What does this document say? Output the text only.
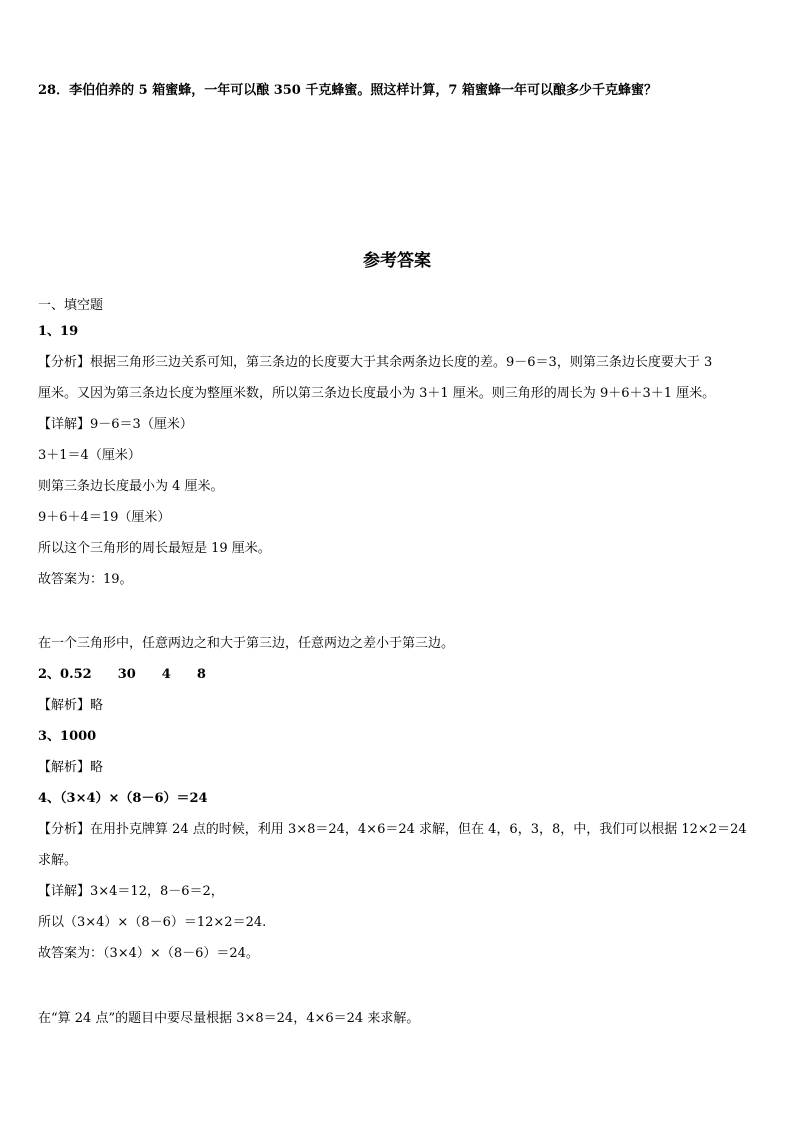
28．李伯伯养的 5 箱蜜蜂，一年可以酿 350 千克蜂蜜。照这样计算，7 箱蜜蜂一年可以酿多少千克蜂蜜？
参考答案
一、填空题
1、19
【分析】根据三角形三边关系可知，第三条边的长度要大于其余两条边长度的差。9－6＝3，则第三条边长度要大于 3
厘米。又因为第三条边长度为整厘米数，所以第三条边长度最小为 3＋1 厘米。则三角形的周长为 9＋6＋3＋1 厘米。
【详解】9－6＝3（厘米）
3＋1＝4（厘米）
则第三条边长度最小为 4 厘米。
9＋6＋4＝19（厘米）
所以这个三角形的周长最短是 19 厘米。
故答案为：19。
在一个三角形中，任意两边之和大于第三边，任意两边之差小于第三边。
2、0.52　　30　　4　　8
【解析】略
3、1000
【解析】略
4、（3×4）×（8－6）＝24
【分析】在用扑克牌算 24 点的时候，利用 3×8＝24，4×6＝24 求解，但在 4，6，3，8，中，我们可以根据 12×2＝24
求解。
【详解】3×4＝12，8－6＝2，
所以（3×4）×（8－6）＝12×2＝24.
故答案为：（3×4）×（8－6）＝24。
在“算 24 点”的题目中要尽量根据 3×8＝24，4×6＝24 来求解。
